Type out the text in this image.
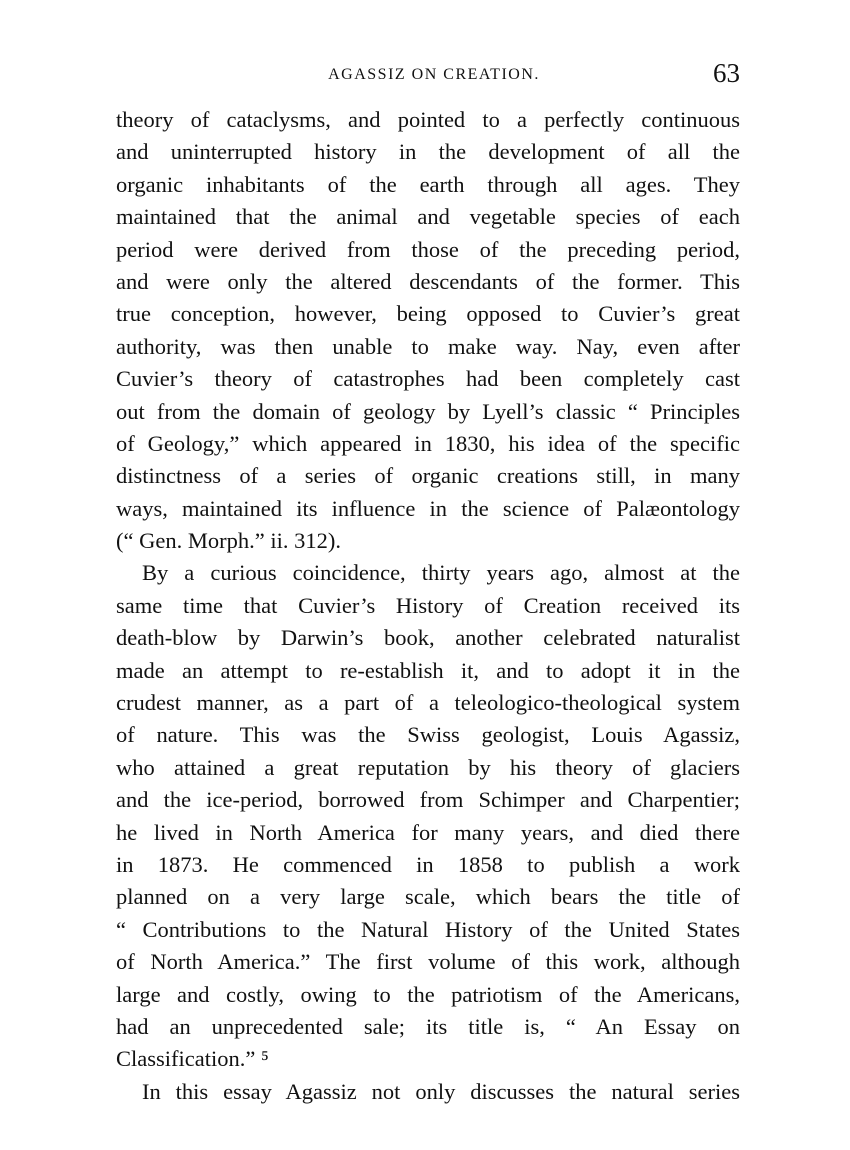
AGASSIZ ON CREATION.	63

theory of cataclysms, and pointed to a perfectly continuous
and uninterrupted history in the development of all the
organic inhabitants of the earth through all ages. They
maintained that the animal and vegetable species of each
period were derived from those of the preceding period,
and were only the altered descendants of the former. This
true conception, however, being opposed to Cuvier’s great
authority, was then unable to make way. Nay, even after
Cuvier’s theory of catastrophes had been completely cast
out from the domain of geology by Lyell’s classic “ Principles
of Geology,” which appeared in 1830, his idea of the specific
distinctness of a series of organic creations still, in many
ways, maintained its influence in the science of Palæontology
(“ Gen. Morph.” ii. 312).

By a curious coincidence, thirty years ago, almost at the
same time that Cuvier’s History of Creation received its
death-blow by Darwin’s book, another celebrated naturalist
made an attempt to re-establish it, and to adopt it in the
crudest manner, as a part of a teleologico-theological system
of nature. This was the Swiss geologist, Louis Agassiz,
who attained a great reputation by his theory of glaciers
and the ice-period, borrowed from Schimper and Charpentier;
he lived in North America for many years, and died there
in 1873. He commenced in 1858 to publish a work
planned on a very large scale, which bears the title of
“ Contributions to the Natural History of the United States
of North America.” The first volume of this work, although
large and costly, owing to the patriotism of the Americans,
had an unprecedented sale; its title is, “ An Essay on
Classification.” ⁵

In this essay Agassiz not only discusses the natural series
